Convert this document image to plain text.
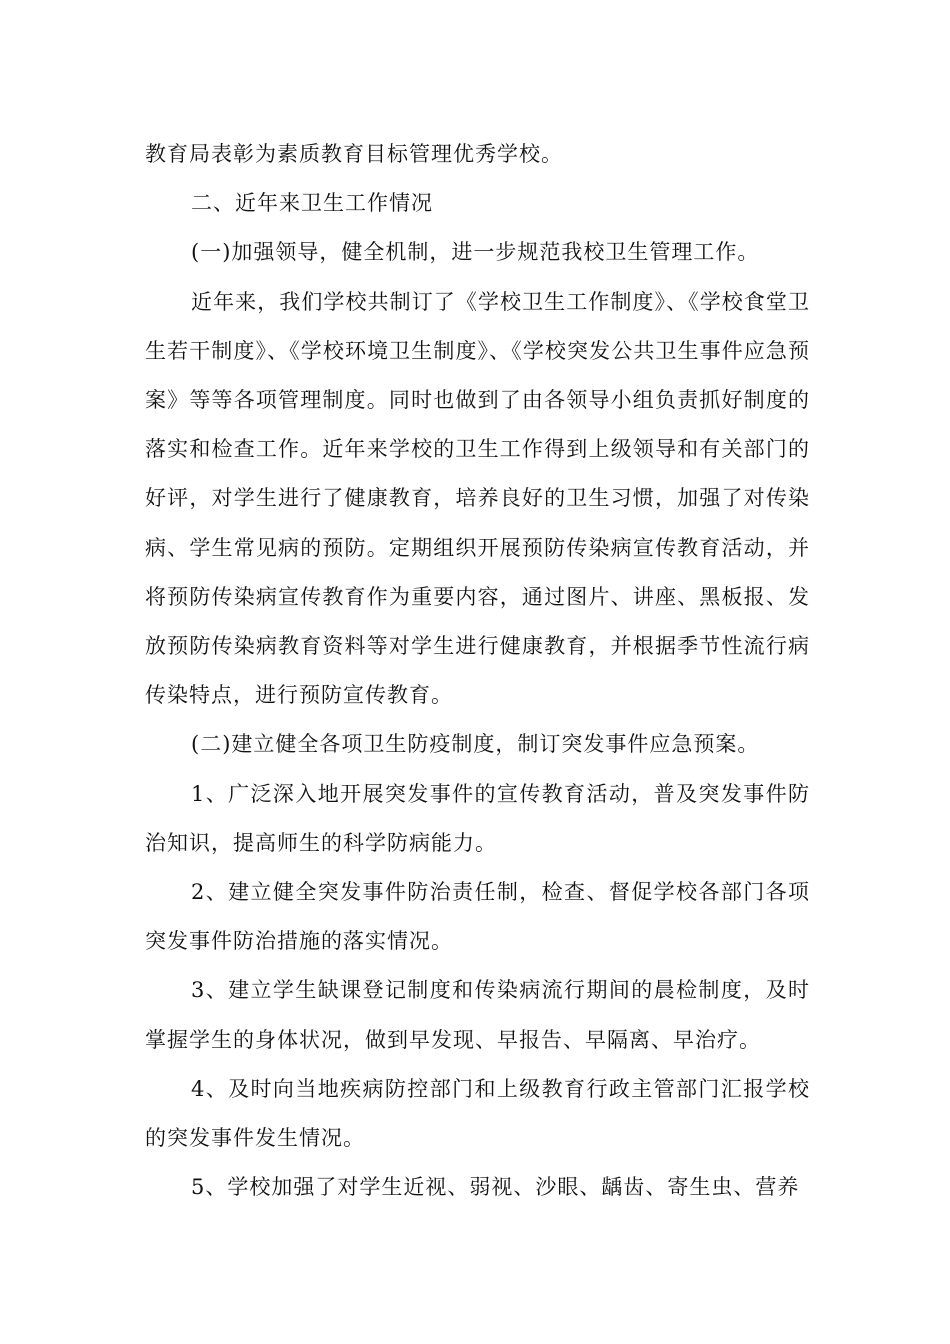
教育局表彰为素质教育目标管理优秀学校。

二、近年来卫生工作情况

(一)加强领导，健全机制，进一步规范我校卫生管理工作。

近年来，我们学校共制订了《学校卫生工作制度》、《学校食堂卫生若干制度》、《学校环境卫生制度》、《学校突发公共卫生事件应急预案》等等各项管理制度。同时也做到了由各领导小组负责抓好制度的落实和检查工作。近年来学校的卫生工作得到上级领导和有关部门的好评，对学生进行了健康教育，培养良好的卫生习惯，加强了对传染病、学生常见病的预防。定期组织开展预防传染病宣传教育活动，并将预防传染病宣传教育作为重要内容，通过图片、讲座、黑板报、发放预防传染病教育资料等对学生进行健康教育，并根据季节性流行病传染特点，进行预防宣传教育。

(二)建立健全各项卫生防疫制度，制订突发事件应急预案。

1、广泛深入地开展突发事件的宣传教育活动，普及突发事件防治知识，提高师生的科学防病能力。

2、建立健全突发事件防治责任制，检查、督促学校各部门各项突发事件防治措施的落实情况。

3、建立学生缺课登记制度和传染病流行期间的晨检制度，及时掌握学生的身体状况，做到早发现、早报告、早隔离、早治疗。

4、及时向当地疾病防控部门和上级教育行政主管部门汇报学校的突发事件发生情况。

5、学校加强了对学生近视、弱视、沙眼、龋齿、寄生虫、营养
